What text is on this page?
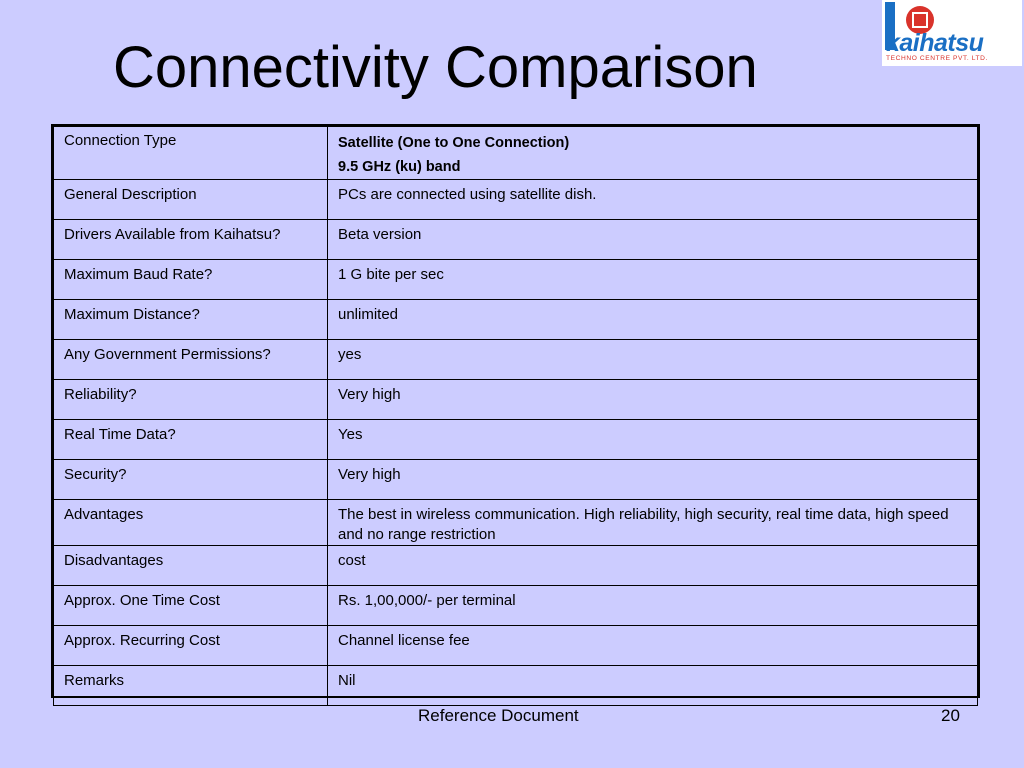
Connectivity Comparison	kaihatsu
TECHNO CENTRE PVT. LTD.
Connection Type	Satellite (One to One Connection)
9.5 GHz (ku) band

General Description	PCs are connected using satellite dish.
Drivers Available from Kaihatsu?	Beta version
Maximum Baud Rate?	1 G bite per sec
Maximum Distance?	unlimited
Any Government Permissions?	yes
Reliability?	Very high
Real Time Data?	Yes
Security?	Very high
Advantages	The best in wireless communication. High reliability, high security, real time data, high speed and no range restriction
Disadvantages	cost
Approx. One Time Cost	Rs. 1,00,000/- per terminal
Approx. Recurring Cost	Channel license fee
Remarks	Nil
Reference Document	20
